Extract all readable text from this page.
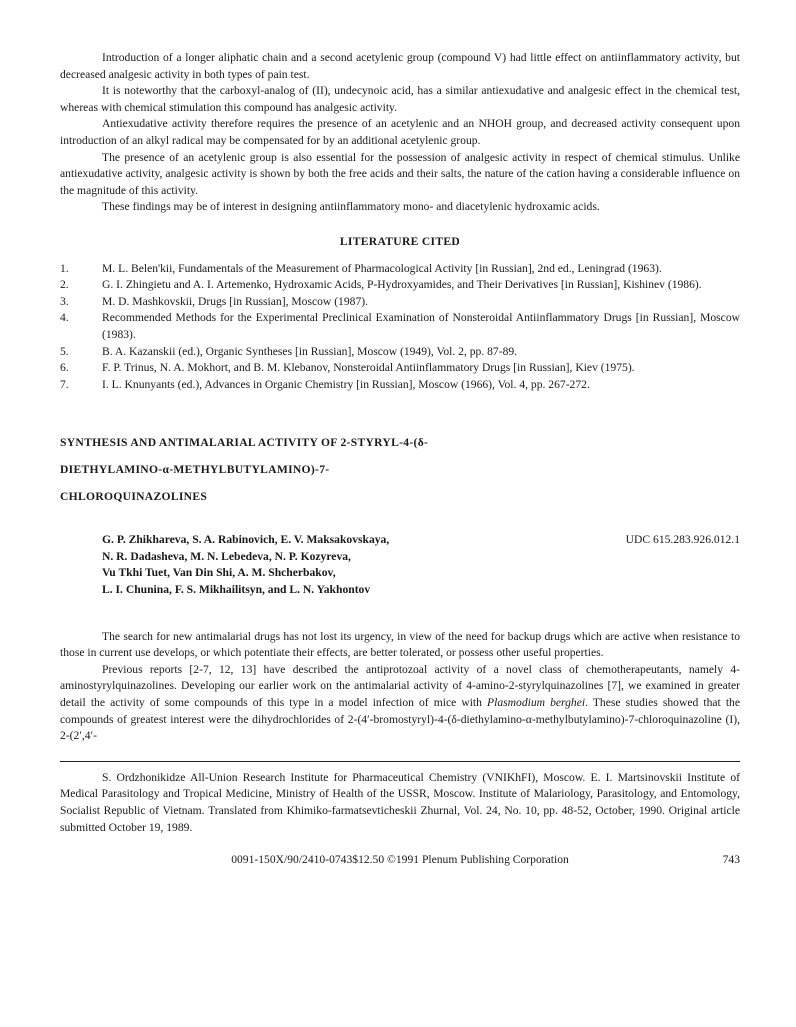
Introduction of a longer aliphatic chain and a second acetylenic group (compound V) had little effect on antiinflammatory activity, but decreased analgesic activity in both types of pain test.

It is noteworthy that the carboxyl-analog of (II), undecynoic acid, has a similar antiexudative and analgesic effect in the chemical test, whereas with chemical stimulation this compound has analgesic activity.

Antiexudative activity therefore requires the presence of an acetylenic and an NHOH group, and decreased activity consequent upon introduction of an alkyl radical may be compensated for by an additional acetylenic group.

The presence of an acetylenic group is also essential for the possession of analgesic activity in respect of chemical stimulus. Unlike antiexudative activity, analgesic activity is shown by both the free acids and their salts, the nature of the cation having a considerable influence on the magnitude of this activity.

These findings may be of interest in designing antiinflammatory mono- and diacetylenic hydroxamic acids.

LITERATURE CITED
1.	M. L. Belen'kii, Fundamentals of the Measurement of Pharmacological Activity [in Russian], 2nd ed., Leningrad (1963).
2.	G. I. Zhingietu and A. I. Artemenko, Hydroxamic Acids, P-Hydroxyamides, and Their Derivatives [in Russian], Kishinev (1986).
3.	M. D. Mashkovskii, Drugs [in Russian], Moscow (1987).
4.	Recommended Methods for the Experimental Preclinical Examination of Nonsteroidal Antiinflammatory Drugs [in Russian], Moscow (1983).
5.	B. A. Kazanskii (ed.), Organic Syntheses [in Russian], Moscow (1949), Vol. 2, pp. 87-89.
6.	F. P. Trinus, N. A. Mokhort, and B. M. Klebanov, Nonsteroidal Antiinflammatory Drugs [in Russian], Kiev (1975).
7.	I. L. Knunyants (ed.), Advances in Organic Chemistry [in Russian], Moscow (1966), Vol. 4, pp. 267-272.
SYNTHESIS AND ANTIMALARIAL ACTIVITY OF 2-STYRYL-4-(δ-
DIETHYLAMINO-α-METHYLBUTYLAMINO)-7-
CHLOROQUINAZOLINES
G. P. Zhikhareva, S. A. Rabinovich, E. V. Maksakovskaya,
N. R. Dadasheva, M. N. Lebedeva, N. P. Kozyreva,
Vu Tkhi Tuet, Van Din Shi, A. M. Shcherbakov,
L. I. Chunina, F. S. Mikhailitsyn, and L. N. Yakhontov
UDC 615.283.926.012.1

The search for new antimalarial drugs has not lost its urgency, in view of the need for backup drugs which are active when resistance to those in current use develops, or which potentiate their effects, are better tolerated, or possess other useful properties.

Previous reports [2-7, 12, 13] have described the antiprotozoal activity of a novel class of chemotherapeutants, namely 4-aminostyrylquinazolines. Developing our earlier work on the antimalarial activity of 4-amino-2-styrylquinazolines [7], we examined in greater detail the activity of some compounds of this type in a model infection of mice with Plasmodium berghei. These studies showed that the compounds of greatest interest were the dihydrochlorides of 2-(4′-bromostyryl)-4-(δ-diethylamino-α-methylbutylamino)-7-chloroquinazoline (I), 2-(2′,4′-

S. Ordzhonikidze All-Union Research Institute for Pharmaceutical Chemistry (VNIKhFI), Moscow. E. I. Martsinovskii Institute of Medical Parasitology and Tropical Medicine, Ministry of Health of the USSR, Moscow. Institute of Malariology, Parasitology, and Entomology, Socialist Republic of Vietnam. Translated from Khimiko-farmatsevticheskii Zhurnal, Vol. 24, No. 10, pp. 48-52, October, 1990. Original article submitted October 19, 1989.

0091-150X/90/2410-0743$12.50 ©1991 Plenum Publishing Corporation	743
